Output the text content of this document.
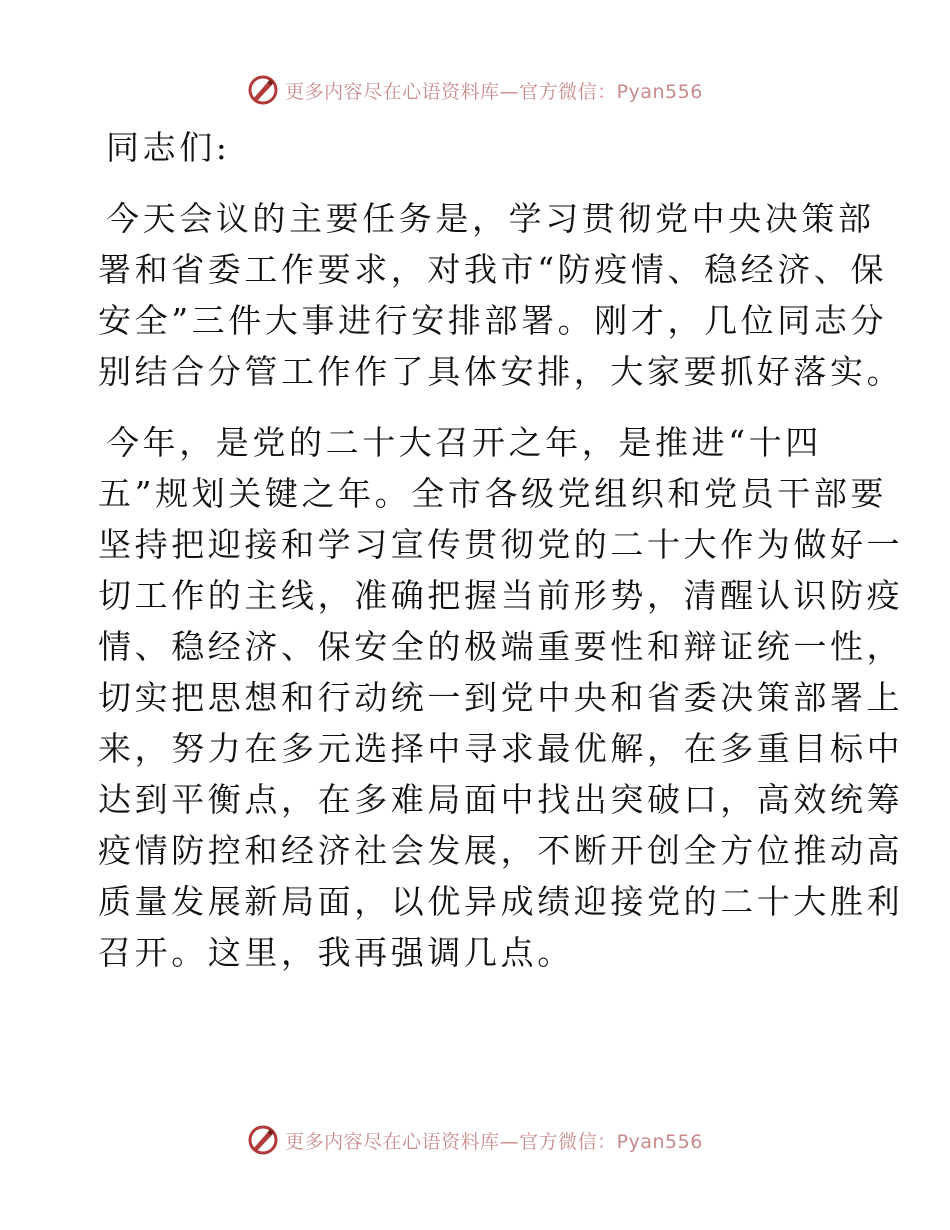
更多内容尽在心语资料库—官方微信：Pyan556
同志们:
今天会议的主要任务是，学习贯彻党中央决策部
署和省委工作要求，对我市“防疫情、稳经济、保
安全”三件大事进行安排部署。刚才，几位同志分
别结合分管工作作了具体安排，大家要抓好落实。
今年，是党的二十大召开之年，是推进“十四
五”规划关键之年。全市各级党组织和党员干部要
坚持把迎接和学习宣传贯彻党的二十大作为做好一
切工作的主线，准确把握当前形势，清醒认识防疫
情、稳经济、保安全的极端重要性和辩证统一性，
切实把思想和行动统一到党中央和省委决策部署上
来，努力在多元选择中寻求最优解，在多重目标中
达到平衡点，在多难局面中找出突破口，高效统筹
疫情防控和经济社会发展，不断开创全方位推动高
质量发展新局面，以优异成绩迎接党的二十大胜利
召开。这里，我再强调几点。
更多内容尽在心语资料库—官方微信：Pyan556
